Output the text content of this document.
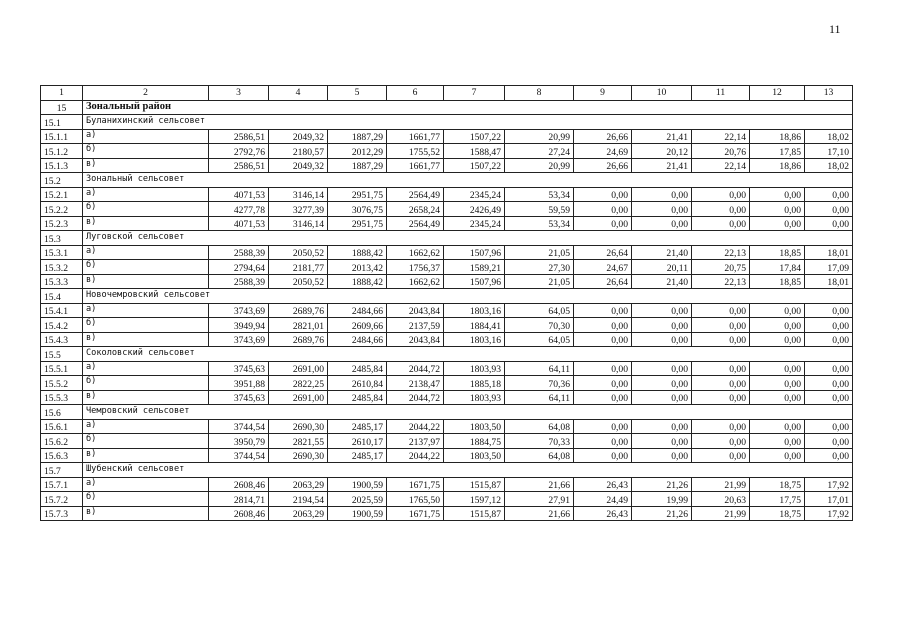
11
1	2	3	4	5	6	7	8	9	10	11	12	13
15	Зональный район											
15.1	Буланихинский сельсовет											
15.1.1	а)	2586,51	2049,32	1887,29	1661,77	1507,22	20,99	26,66	21,41	22,14	18,86	18,02
15.1.2	б)	2792,76	2180,57	2012,29	1755,52	1588,47	27,24	24,69	20,12	20,76	17,85	17,10
15.1.3	в)	2586,51	2049,32	1887,29	1661,77	1507,22	20,99	26,66	21,41	22,14	18,86	18,02
15.2	Зональный сельсовет											
15.2.1	а)	4071,53	3146,14	2951,75	2564,49	2345,24	53,34	0,00	0,00	0,00	0,00	0,00
15.2.2	б)	4277,78	3277,39	3076,75	2658,24	2426,49	59,59	0,00	0,00	0,00	0,00	0,00
15.2.3	в)	4071,53	3146,14	2951,75	2564,49	2345,24	53,34	0,00	0,00	0,00	0,00	0,00
15.3	Луговской сельсовет											
15.3.1	а)	2588,39	2050,52	1888,42	1662,62	1507,96	21,05	26,64	21,40	22,13	18,85	18,01
15.3.2	б)	2794,64	2181,77	2013,42	1756,37	1589,21	27,30	24,67	20,11	20,75	17,84	17,09
15.3.3	в)	2588,39	2050,52	1888,42	1662,62	1507,96	21,05	26,64	21,40	22,13	18,85	18,01
15.4	Новочемровский сельсовет											
15.4.1	а)	3743,69	2689,76	2484,66	2043,84	1803,16	64,05	0,00	0,00	0,00	0,00	0,00
15.4.2	б)	3949,94	2821,01	2609,66	2137,59	1884,41	70,30	0,00	0,00	0,00	0,00	0,00
15.4.3	в)	3743,69	2689,76	2484,66	2043,84	1803,16	64,05	0,00	0,00	0,00	0,00	0,00
15.5	Соколовский сельсовет											
15.5.1	а)	3745,63	2691,00	2485,84	2044,72	1803,93	64,11	0,00	0,00	0,00	0,00	0,00
15.5.2	б)	3951,88	2822,25	2610,84	2138,47	1885,18	70,36	0,00	0,00	0,00	0,00	0,00
15.5.3	в)	3745,63	2691,00	2485,84	2044,72	1803,93	64,11	0,00	0,00	0,00	0,00	0,00
15.6	Чемровский сельсовет											
15.6.1	а)	3744,54	2690,30	2485,17	2044,22	1803,50	64,08	0,00	0,00	0,00	0,00	0,00
15.6.2	б)	3950,79	2821,55	2610,17	2137,97	1884,75	70,33	0,00	0,00	0,00	0,00	0,00
15.6.3	в)	3744,54	2690,30	2485,17	2044,22	1803,50	64,08	0,00	0,00	0,00	0,00	0,00
15.7	Шубенский сельсовет											
15.7.1	а)	2608,46	2063,29	1900,59	1671,75	1515,87	21,66	26,43	21,26	21,99	18,75	17,92
15.7.2	б)	2814,71	2194,54	2025,59	1765,50	1597,12	27,91	24,49	19,99	20,63	17,75	17,01
15.7.3	в)	2608,46	2063,29	1900,59	1671,75	1515,87	21,66	26,43	21,26	21,99	18,75	17,92
